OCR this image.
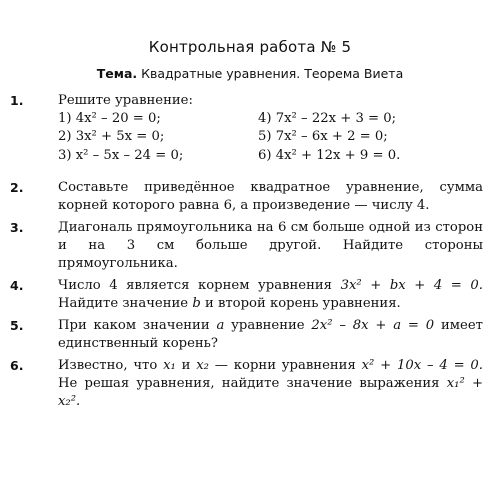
Контрольная работа № 5
Тема. Квадратные уравнения. Теорема Виета
1.	Решите уравнение:
1) 4x² – 20 = 0;	4) 7x² – 22x + 3 = 0;
2) 3x² + 5x = 0;	5) 7x² – 6x + 2 = 0;
3) x² – 5x – 24 = 0;	6) 4x² + 12x + 9 = 0.
2.	Составьте приведённое квадратное уравнение, сумма корней которого равна 6, а произведение — числу 4.
3.	Диагональ прямоугольника на 6 см больше одной из сторон и на 3 см больше другой. Найдите стороны прямоугольника.
4.	Число 4 является корнем уравнения 3x² + bx + 4 = 0. Найдите значение b и второй корень уравнения.
5.	При каком значении a уравнение 2x² – 8x + a = 0 имеет единственный корень?
6.	Известно, что x₁ и x₂ — корни уравнения x² + 10x – 4 = 0. Не решая уравнения, найдите значение выражения x₁² + x₂².
